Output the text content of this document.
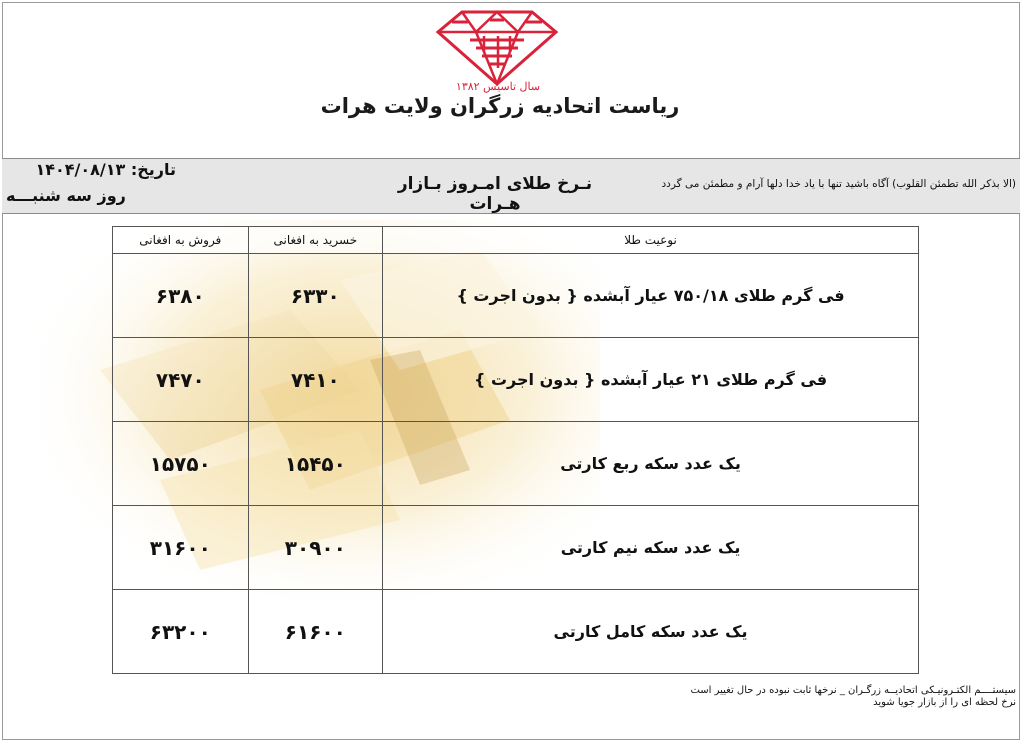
سال تاسیس ۱۳۸۲
ریاست اتحادیه زرگران ولایت هرات
تاریخ: ۱۴۰۴/۰۸/۱۳
روز سه شنبـــه
نـرخ طلای امـروز بـازار هـرات
(الا بذکر الله تطمئن القلوب) آگاه باشید تنها با یاد خدا دلها آرام و مطمئن می گردد
نوعیت طلا	خسرید به افغانی	فروش به افغانی
فی گرم طلای ۷۵۰/۱۸ عیار آبشده { بدون اجرت }	۶۳۳۰	۶۳۸۰
فی گرم طلای ۲۱ عیار آبشده { بدون اجرت }	۷۴۱۰	۷۴۷۰
یک عدد سکه ربع کارتی	۱۵۴۵۰	۱۵۷۵۰
یک عدد سکه نیم کارتی	۳۰۹۰۰	۳۱۶۰۰
یک عدد سکه کامل کارتی	۶۱۶۰۰	۶۳۲۰۰
سیستــــم الکتـرونیـکی اتحادیــه زرگـران _ نرخها ثابت نبوده در حال تغییر است
نرخ لحظه ای را از بازار جویا شوید
